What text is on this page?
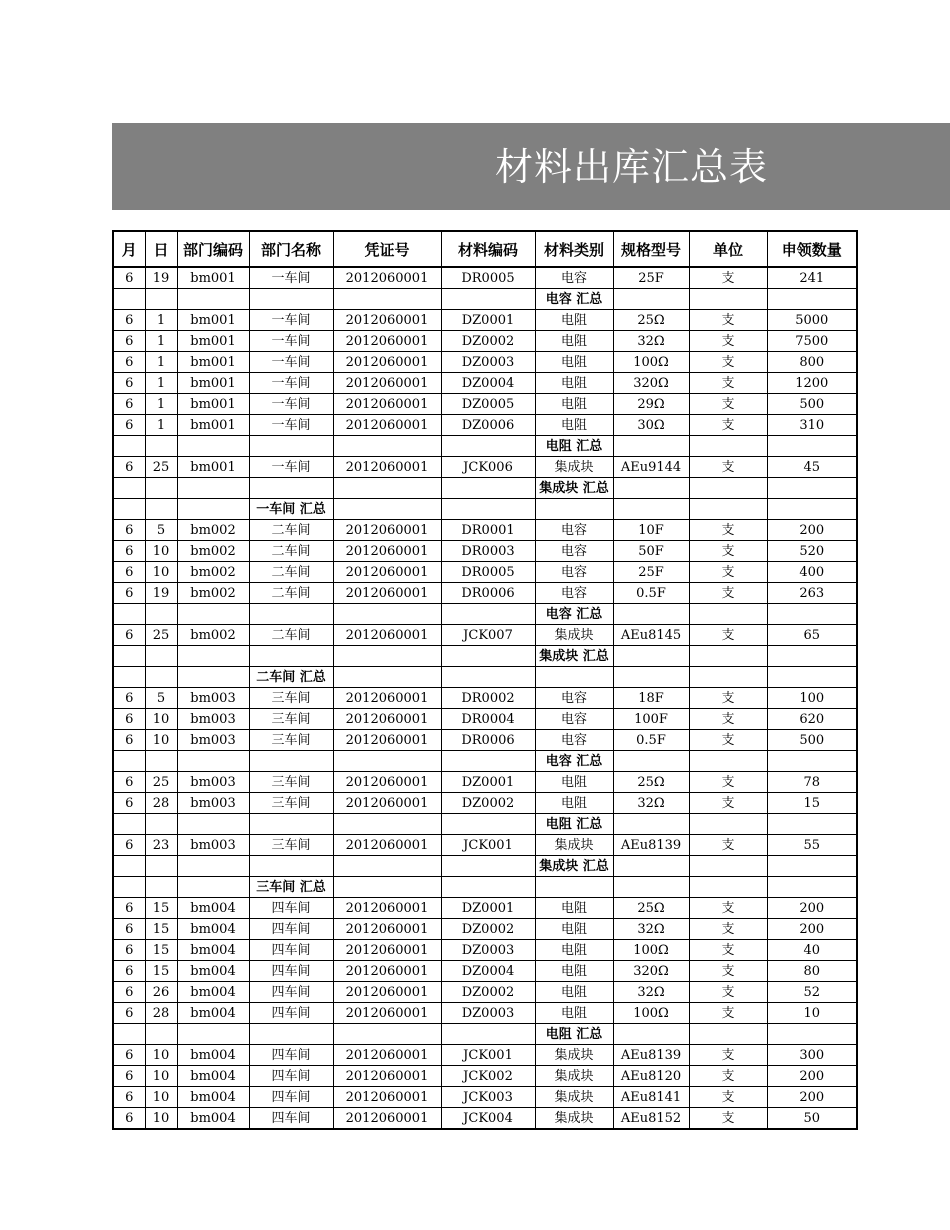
材料出库汇总表
月	日	部门编码	部门名称	凭证号	材料编码	材料类别	规格型号	单位	申领数量
6	19	bm001	一车间	2012060001	DR0005	电容	25F	支	241
						电容 汇总			
6	1	bm001	一车间	2012060001	DZ0001	电阻	25Ω	支	5000
6	1	bm001	一车间	2012060001	DZ0002	电阻	32Ω	支	7500
6	1	bm001	一车间	2012060001	DZ0003	电阻	100Ω	支	800
6	1	bm001	一车间	2012060001	DZ0004	电阻	320Ω	支	1200
6	1	bm001	一车间	2012060001	DZ0005	电阻	29Ω	支	500
6	1	bm001	一车间	2012060001	DZ0006	电阻	30Ω	支	310
						电阻 汇总			
6	25	bm001	一车间	2012060001	JCK006	集成块	AEu9144	支	45
						集成块 汇总			
			一车间 汇总						
6	5	bm002	二车间	2012060001	DR0001	电容	10F	支	200
6	10	bm002	二车间	2012060001	DR0003	电容	50F	支	520
6	10	bm002	二车间	2012060001	DR0005	电容	25F	支	400
6	19	bm002	二车间	2012060001	DR0006	电容	0.5F	支	263
						电容 汇总			
6	25	bm002	二车间	2012060001	JCK007	集成块	AEu8145	支	65
						集成块 汇总			
			二车间 汇总						
6	5	bm003	三车间	2012060001	DR0002	电容	18F	支	100
6	10	bm003	三车间	2012060001	DR0004	电容	100F	支	620
6	10	bm003	三车间	2012060001	DR0006	电容	0.5F	支	500
						电容 汇总			
6	25	bm003	三车间	2012060001	DZ0001	电阻	25Ω	支	78
6	28	bm003	三车间	2012060001	DZ0002	电阻	32Ω	支	15
						电阻 汇总			
6	23	bm003	三车间	2012060001	JCK001	集成块	AEu8139	支	55
						集成块 汇总			
			三车间 汇总						
6	15	bm004	四车间	2012060001	DZ0001	电阻	25Ω	支	200
6	15	bm004	四车间	2012060001	DZ0002	电阻	32Ω	支	200
6	15	bm004	四车间	2012060001	DZ0003	电阻	100Ω	支	40
6	15	bm004	四车间	2012060001	DZ0004	电阻	320Ω	支	80
6	26	bm004	四车间	2012060001	DZ0002	电阻	32Ω	支	52
6	28	bm004	四车间	2012060001	DZ0003	电阻	100Ω	支	10
						电阻 汇总			
6	10	bm004	四车间	2012060001	JCK001	集成块	AEu8139	支	300
6	10	bm004	四车间	2012060001	JCK002	集成块	AEu8120	支	200
6	10	bm004	四车间	2012060001	JCK003	集成块	AEu8141	支	200
6	10	bm004	四车间	2012060001	JCK004	集成块	AEu8152	支	50
